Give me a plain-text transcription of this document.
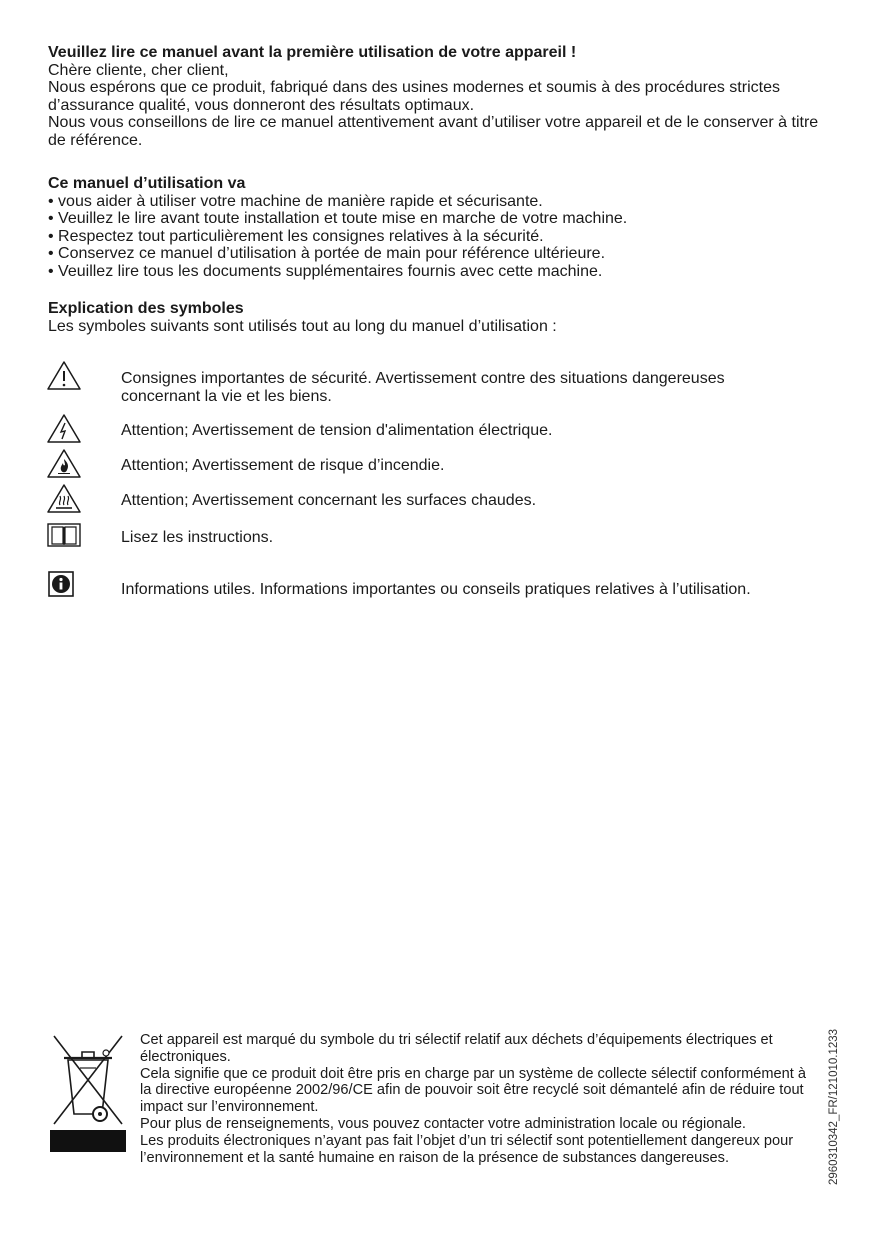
Veuillez lire ce manuel avant la première utilisation de votre appareil !

Chère cliente, cher client,

Nous espérons que ce produit, fabriqué dans des usines modernes et soumis à des procédures strictes d’assurance qualité, vous donneront des résultats optimaux.

Nous vous conseillons de lire ce manuel attentivement avant d’utiliser votre appareil et de le conserver à titre de référence.

Ce manuel d’utilisation va

• vous aider à utiliser votre machine de manière rapide et sécurisante.
• Veuillez le lire avant toute installation et toute mise en marche de votre machine.
• Respectez tout particulièrement les consignes relatives à la sécurité.
• Conservez ce manuel d’utilisation à portée de main pour référence ultérieure.
• Veuillez lire tous les documents supplémentaires fournis avec cette machine.

Explication des symboles

Les symboles suivants sont utilisés tout au long du manuel d’utilisation :

Consignes importantes de sécurité. Avertissement contre des situations dangereuses concernant la vie et les biens.

Attention; Avertissement de tension d'alimentation électrique.

Attention; Avertissement de risque d’incendie.

Attention; Avertissement concernant les surfaces chaudes.

Lisez les instructions.

Informations utiles. Informations importantes ou conseils pratiques relatives à l’utilisation.

Cet appareil est marqué du symbole du tri sélectif relatif aux déchets d’équipements électriques et électroniques.

Cela signifie que ce produit doit être pris en charge par un système de collecte sélectif conformément à la directive européenne 2002/96/CE afin de pouvoir soit être recyclé soit démantelé afin de réduire tout impact sur l’environnement.

Pour plus de renseignements, vous pouvez contacter votre administration locale ou régionale.

Les produits électroniques n’ayant pas fait l’objet d’un tri sélectif sont potentiellement dangereux pour l’environnement et la santé humaine en raison de la présence de substances dangereuses.	2960310342_FR/121010.1233
